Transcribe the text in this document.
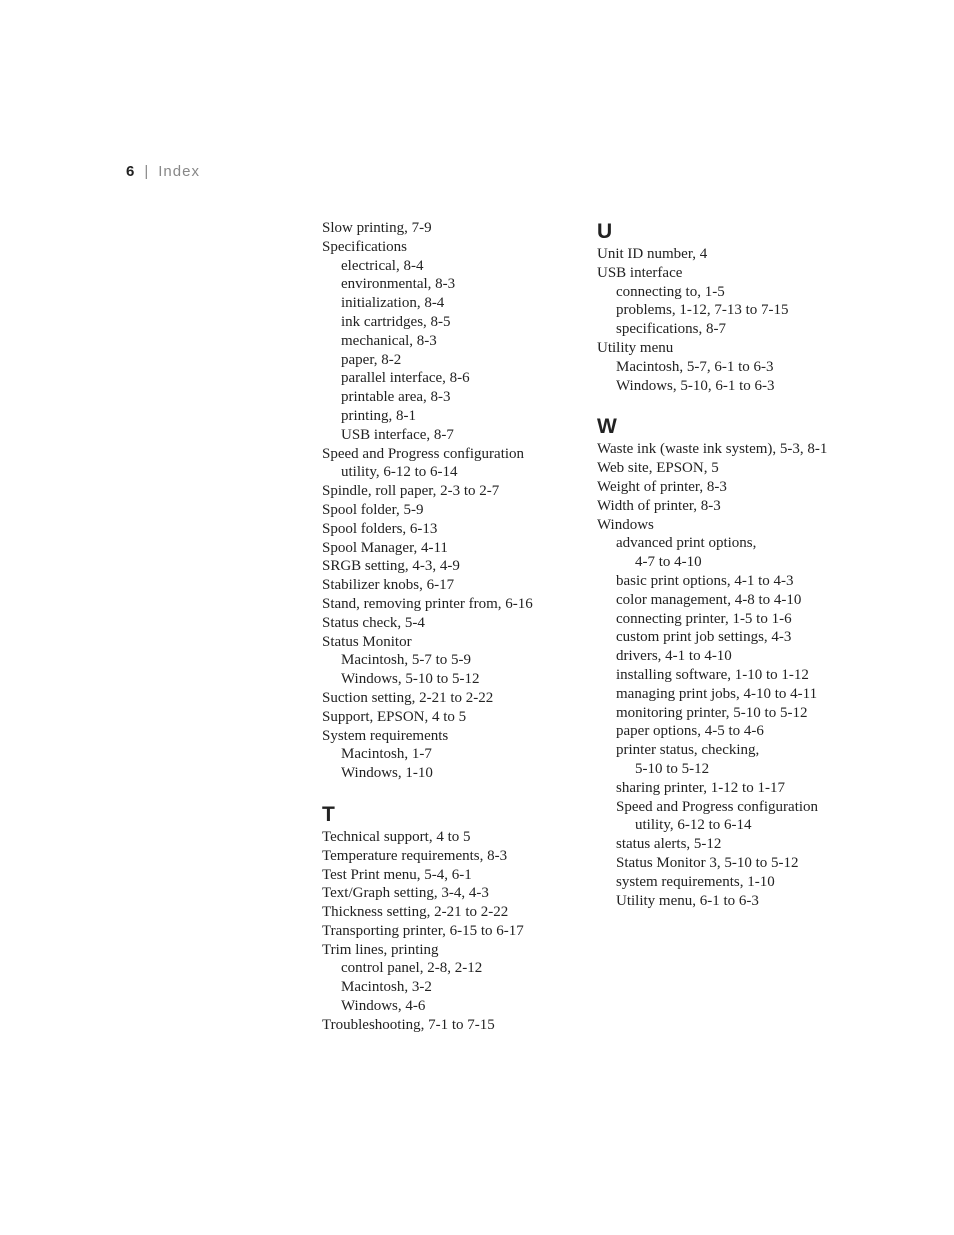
6 | Index
Slow printing, 7-9
Specifications
electrical, 8-4
environmental, 8-3
initialization, 8-4
ink cartridges, 8-5
mechanical, 8-3
paper, 8-2
parallel interface, 8-6
printable area, 8-3
printing, 8-1
USB interface, 8-7
Speed and Progress configuration
utility, 6-12 to 6-14
Spindle, roll paper, 2-3 to 2-7
Spool folder, 5-9
Spool folders, 6-13
Spool Manager, 4-11
SRGB setting, 4-3, 4-9
Stabilizer knobs, 6-17
Stand, removing printer from, 6-16
Status check, 5-4
Status Monitor
Macintosh, 5-7 to 5-9
Windows, 5-10 to 5-12
Suction setting, 2-21 to 2-22
Support, EPSON, 4 to 5
System requirements
Macintosh, 1-7
Windows, 1-10
T
Technical support, 4 to 5
Temperature requirements, 8-3
Test Print menu, 5-4, 6-1
Text/Graph setting, 3-4, 4-3
Thickness setting, 2-21 to 2-22
Transporting printer, 6-15 to 6-17
Trim lines, printing
control panel, 2-8, 2-12
Macintosh, 3-2
Windows, 4-6
Troubleshooting, 7-1 to 7-15
U
Unit ID number, 4
USB interface
connecting to, 1-5
problems, 1-12, 7-13 to 7-15
specifications, 8-7
Utility menu
Macintosh, 5-7, 6-1 to 6-3
Windows, 5-10, 6-1 to 6-3
W
Waste ink (waste ink system), 5-3, 8-1
Web site, EPSON, 5
Weight of printer, 8-3
Width of printer, 8-3
Windows
advanced print options,
4-7 to 4-10
basic print options, 4-1 to 4-3
color management, 4-8 to 4-10
connecting printer, 1-5 to 1-6
custom print job settings, 4-3
drivers, 4-1 to 4-10
installing software, 1-10 to 1-12
managing print jobs, 4-10 to 4-11
monitoring printer, 5-10 to 5-12
paper options, 4-5 to 4-6
printer status, checking,
5-10 to 5-12
sharing printer, 1-12 to 1-17
Speed and Progress configuration
utility, 6-12 to 6-14
status alerts, 5-12
Status Monitor 3, 5-10 to 5-12
system requirements, 1-10
Utility menu, 6-1 to 6-3
